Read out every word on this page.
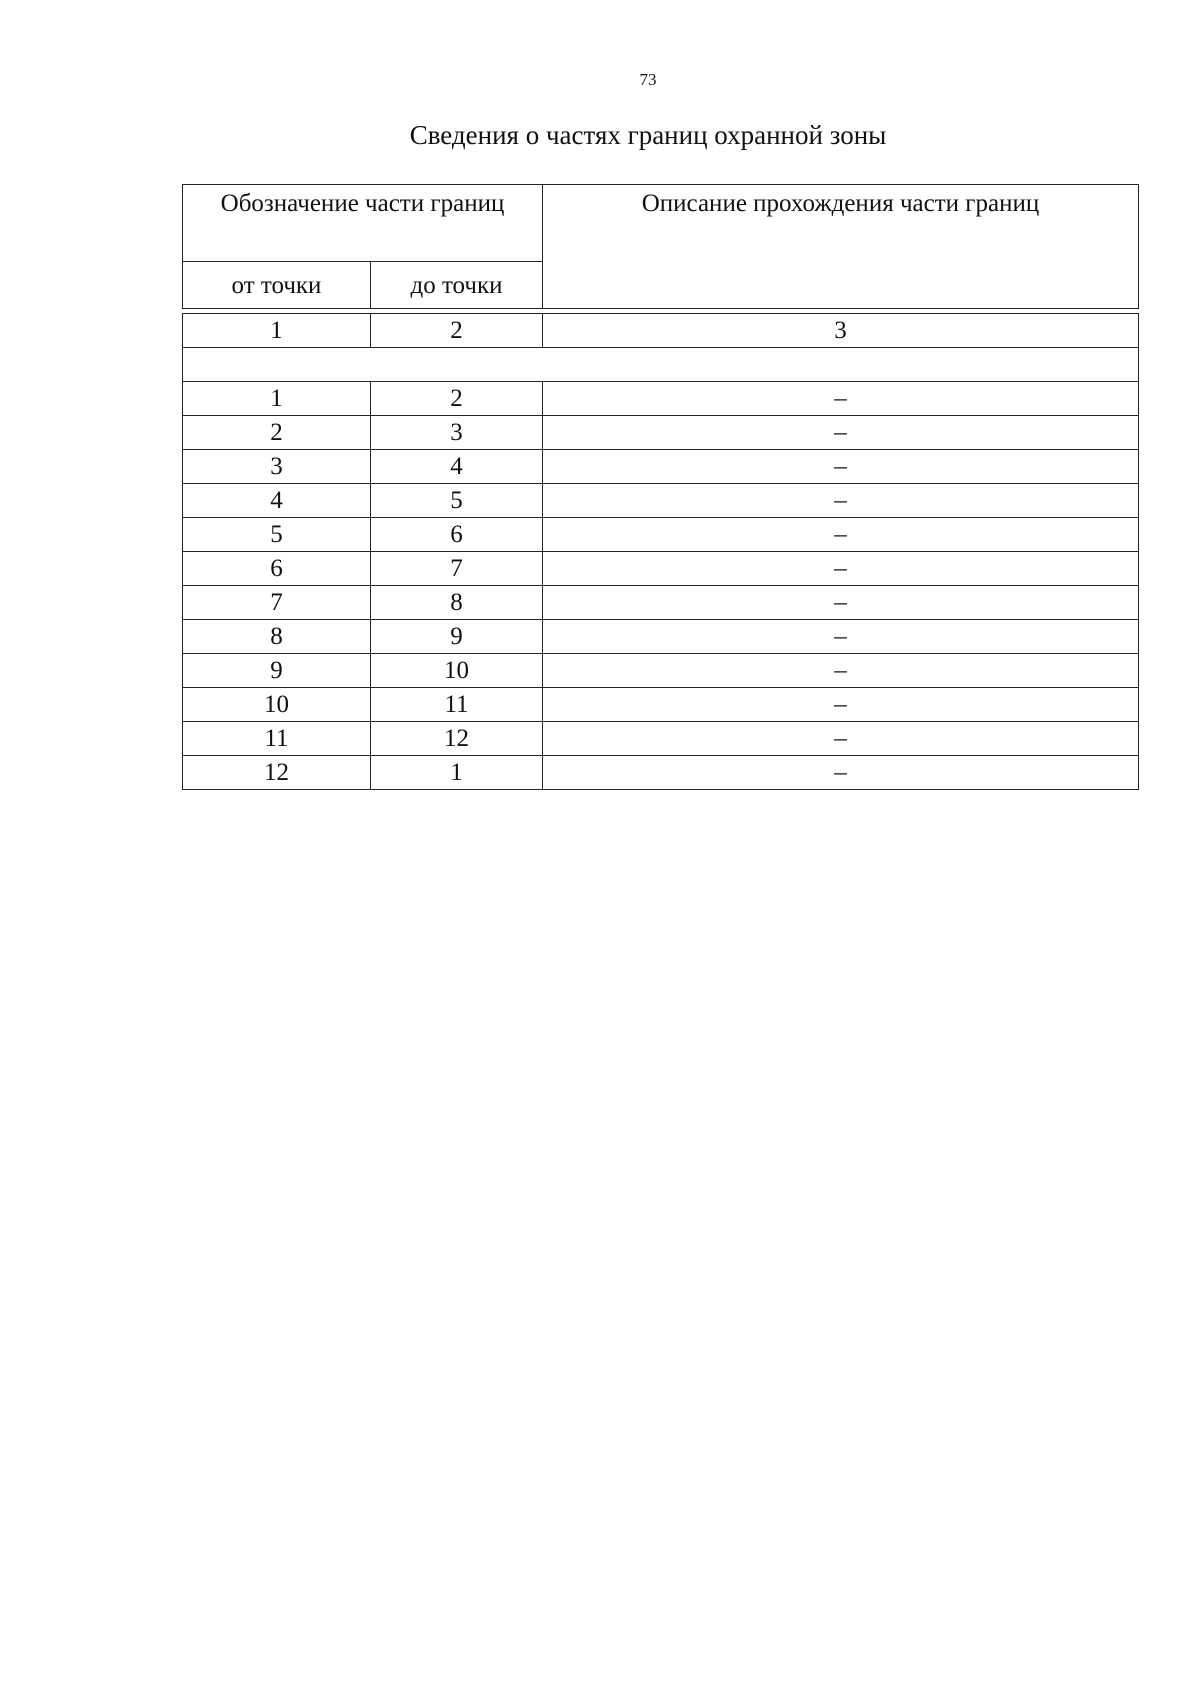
73
Сведения о частях границ охранной зоны
Обозначение части границ		Описание прохождения части границ
от точки	до точки	
1	2	3

1	2	–
2	3	–
3	4	–
4	5	–
5	6	–
6	7	–
7	8	–
8	9	–
9	10	–
10	11	–
11	12	–
12	1	–
